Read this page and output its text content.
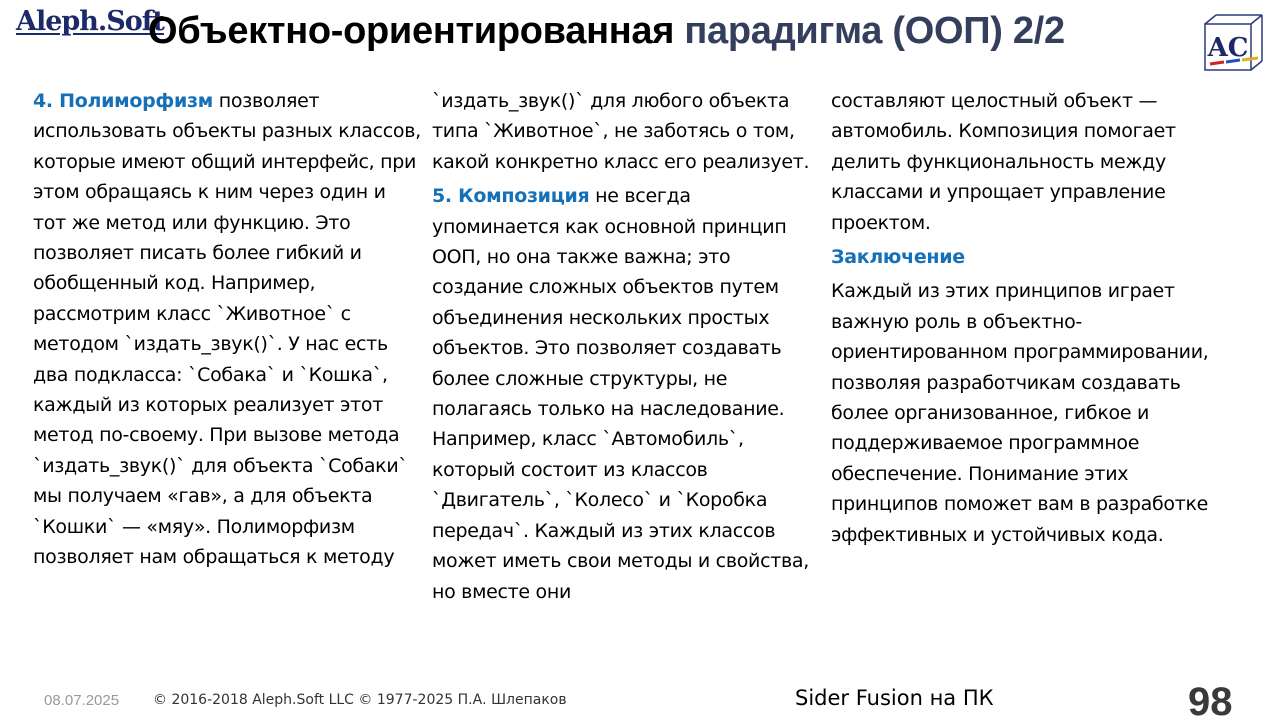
Aleph.Soft
Объектно-ориентированная парадигма (ООП) 2/2	AC

4. Полиморфизм позволяет использовать объекты разных классов, которые имеют общий интерфейс, при этом обращаясь к ним через один и тот же метод или функцию. Это позволяет писать более гибкий и обобщенный код. Например, рассмотрим класс `Животное` с методом `издать_звук()`. У нас есть два подкласса: `Собака` и `Кошка`, каждый из которых реализует этот метод по-своему. При вызове метода `издать_звук()` для объекта `Собаки` мы получаем «гав», а для объекта `Кошки` — «мяу». Полиморфизм позволяет нам обращаться к методу

`издать_звук()` для любого объекта типа `Животное`, не заботясь о том, какой конкретно класс его реализует.

5. Композиция не всегда упоминается как основной принцип ООП, но она также важна; это создание сложных объектов путем объединения нескольких простых объектов. Это позволяет создавать более сложные структуры, не полагаясь только на наследование. Например, класс `Автомобиль`, который состоит из классов `Двигатель`, `Колесо` и `Коробка передач`. Каждый из этих классов может иметь свои методы и свойства, но вместе они

составляют целостный объект — автомобиль. Композиция помогает делить функциональность между классами и упрощает управление проектом.

Заключение

Каждый из этих принципов играет важную роль в объектно-ориентированном программировании, позволяя разработчикам создавать более организованное, гибкое и поддерживаемое программное обеспечение. Понимание этих принципов поможет вам в разработке эффективных и устойчивых кода.

08.07.2025 © 2016-2018 Aleph.Soft LLC © 1977-2025 П.А. Шлепаков	Sider Fusion на ПК	98
